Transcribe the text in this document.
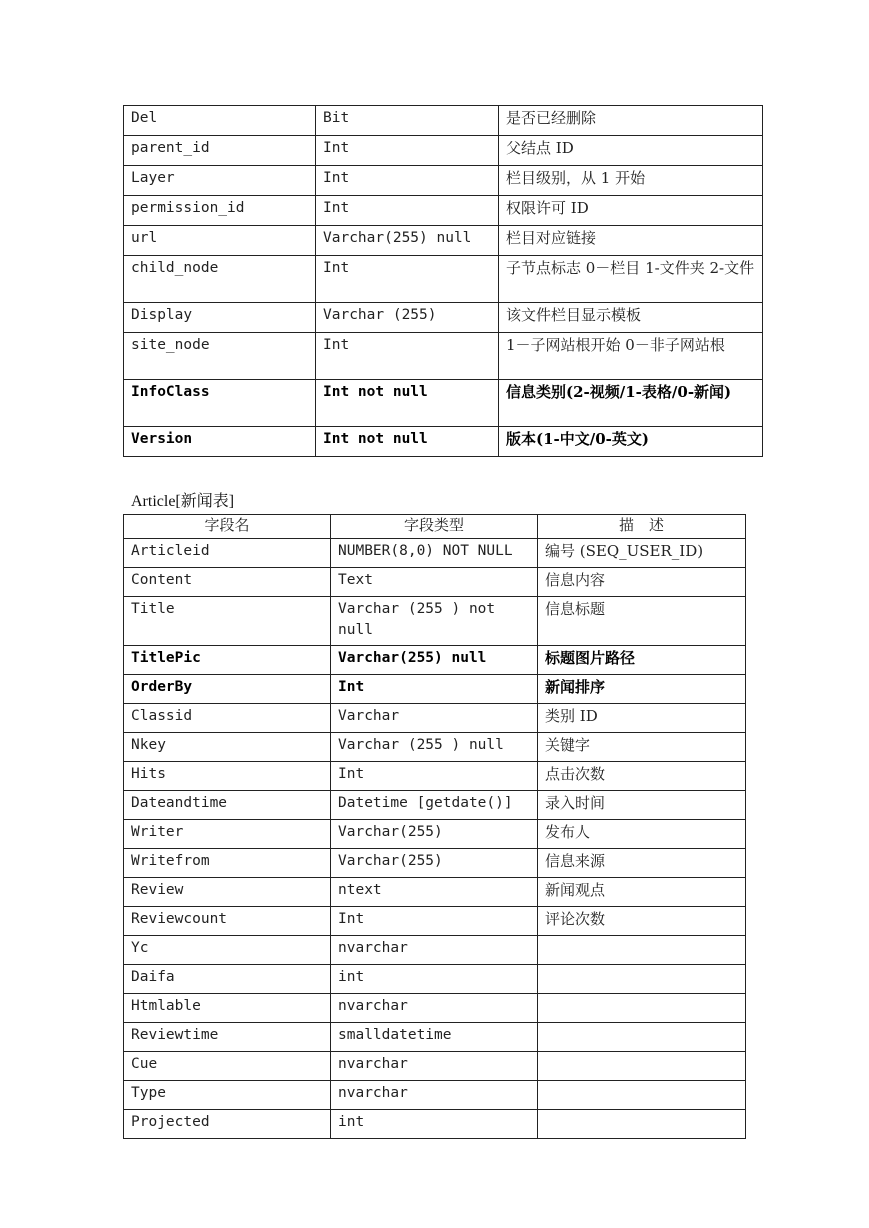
Del	Bit	是否已经删除
parent_id	Int	父结点 ID
Layer	Int	栏目级别，从 1 开始
permission_id	Int	权限许可 ID
url	Varchar(255) null	栏目对应链接
child_node	Int	子节点标志 0－栏目 1-文件夹 2-文件
Display	Varchar (255)	该文件栏目显示模板
site_node	Int	1－子网站根开始 0－非子网站根
InfoClass	Int not null	信息类别(2-视频/1-表格/0-新闻)
Version	Int not null	版本(1-中文/0-英文)
Article[新闻表]
字段名	字段类型	描　述
Articleid	NUMBER(8,0) NOT NULL	编号 (SEQ_USER_ID)
Content	Text	信息内容
Title	Varchar (255 ) not null	信息标题
TitlePic	Varchar(255) null	标题图片路径
OrderBy	Int	新闻排序
Classid	Varchar	类别 ID
Nkey	Varchar (255 ) null	关键字
Hits	Int	点击次数
Dateandtime	Datetime [getdate()]	录入时间
Writer	Varchar(255)	发布人
Writefrom	Varchar(255)	信息来源
Review	ntext	新闻观点
Reviewcount	Int	评论次数
Yc	nvarchar	
Daifa	int	
Htmlable	nvarchar	
Reviewtime	smalldatetime	
Cue	nvarchar	
Type	nvarchar	
Projected	int	
